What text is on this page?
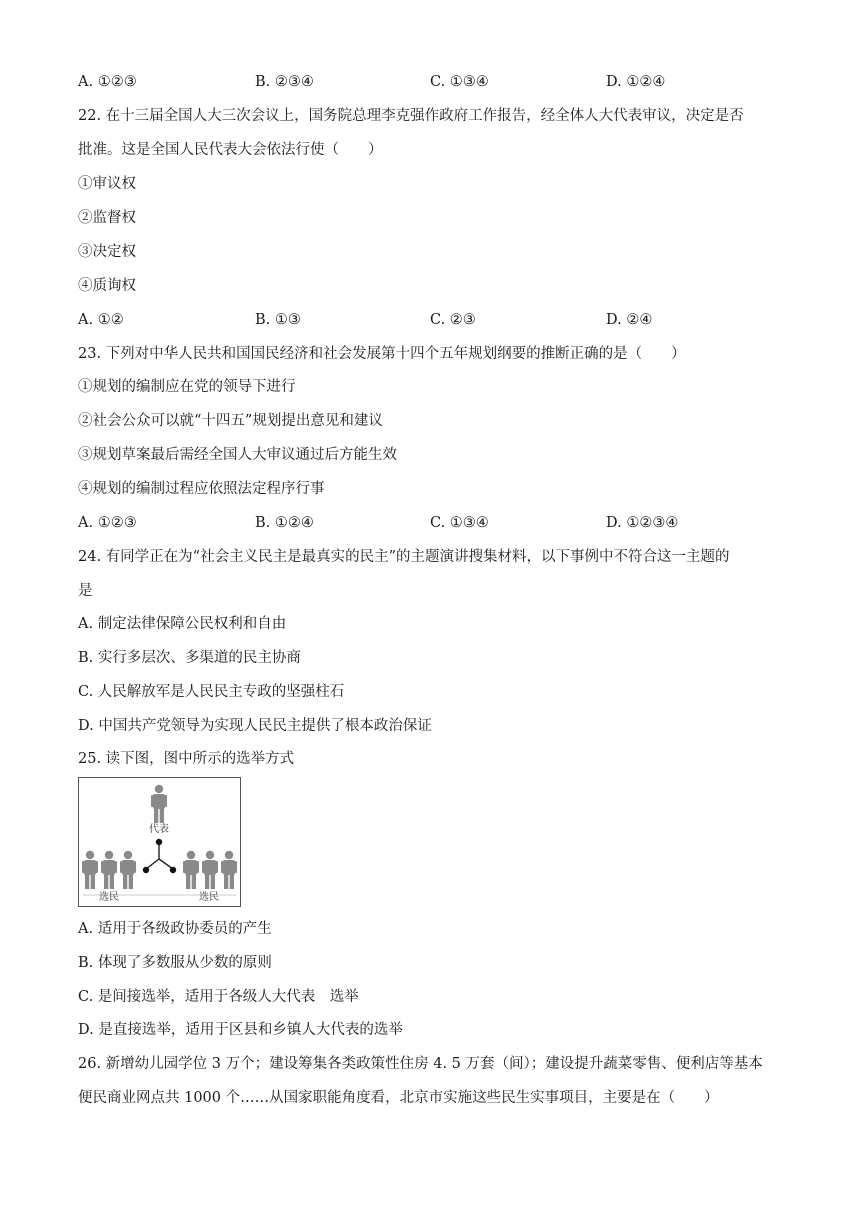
A. ①②③	B. ②③④	C. ①③④	D. ①②④
22. 在十三届全国人大三次会议上，国务院总理李克强作政府工作报告，经全体人大代表审议，决定是否
批准。这是全国人民代表大会依法行使（　　）
①审议权
②监督权
③决定权
④质询权
A. ①②	B. ①③	C. ②③	D. ②④
23. 下列对中华人民共和国国民经济和社会发展第十四个五年规划纲要的推断正确的是（　　）
①规划的编制应在党的领导下进行
②社会公众可以就“十四五”规划提出意见和建议
③规划草案最后需经全国人大审议通过后方能生效
④规划的编制过程应依照法定程序行事
A. ①②③	B. ①②④	C. ①③④	D. ①②③④
24. 有同学正在为“社会主义民主是最真实的民主”的主题演讲搜集材料，以下事例中不符合这一主题的
是
A. 制定法律保障公民权利和自由
B. 实行多层次、多渠道的民主协商
C. 人民解放军是人民民主专政的坚强柱石
D. 中国共产党领导为实现人民民主提供了根本政治保证
25. 读下图，图中所示的选举方式
代表
选民	选民
A. 适用于各级政协委员的产生
B. 体现了多数服从少数的原则
C. 是间接选举，适用于各级人大代表　选举
D. 是直接选举，适用于区县和乡镇人大代表的选举
26. 新增幼儿园学位 3 万个；建设筹集各类政策性住房 4. 5 万套（间）；建设提升蔬菜零售、便利店等基本
便民商业网点共 1000 个……从国家职能角度看，北京市实施这些民生实事项目，主要是在（　　）
